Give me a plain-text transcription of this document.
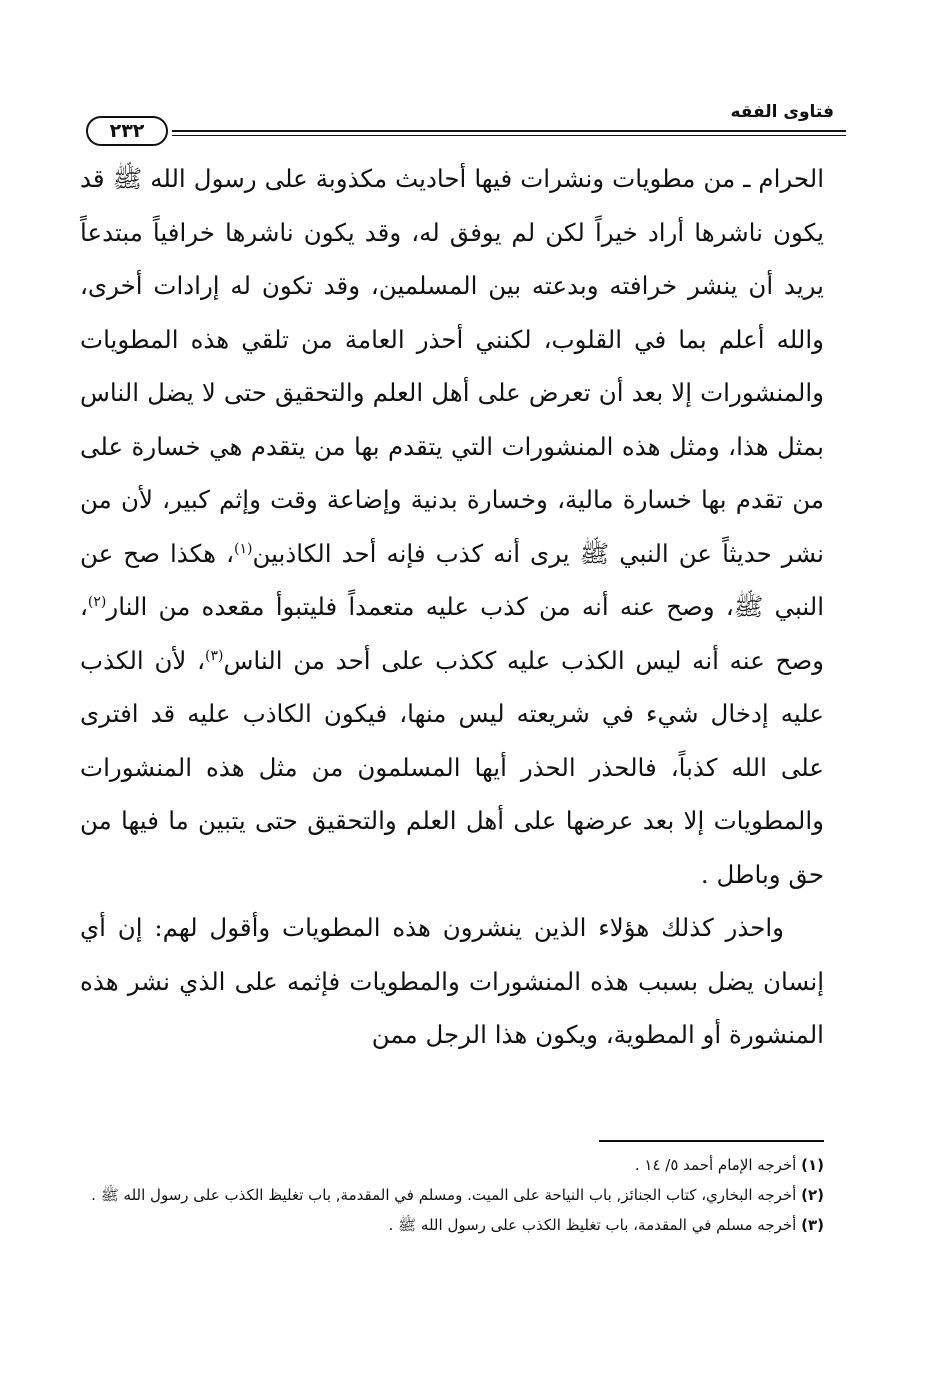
فتاوى الفقه
٢٣٢

الحرام ـ من مطويات ونشرات فيها أحاديث مكذوبة على رسول الله ﷺ قد يكون ناشرها أراد خيراً لكن لم يوفق له، وقد يكون ناشرها خرافياً مبتدعاً يريد أن ينشر خرافته وبدعته بين المسلمين، وقد تكون له إرادات أخرى، والله أعلم بما في القلوب، لكنني أحذر العامة من تلقي هذه المطويات والمنشورات إلا بعد أن تعرض على أهل العلم والتحقيق حتى لا يضل الناس بمثل هذا، ومثل هذه المنشورات التي يتقدم بها من يتقدم هي خسارة على من تقدم بها خسارة مالية، وخسارة بدنية وإضاعة وقت وإثم كبير، لأن من نشر حديثاً عن النبي ﷺ يرى أنه كذب فإنه أحد الكاذبين$^{(١)}$، هكذا صح عن النبي ﷺ، وصح عنه أنه من كذب عليه متعمداً فليتبوأ مقعده من النار$^{(٢)}$، وصح عنه أنه ليس الكذب عليه ككذب على أحد من الناس$^{(٣)}$، لأن الكذب عليه إدخال شيء في شريعته ليس منها، فيكون الكاذب عليه قد افترى على الله كذباً، فالحذر الحذر أيها المسلمون من مثل هذه المنشورات والمطويات إلا بعد عرضها على أهل العلم والتحقيق حتى يتبين ما فيها من حق وباطل .

واحذر كذلك هؤلاء الذين ينشرون هذه المطويات وأقول لهم: إن أي إنسان يضل بسبب هذه المنشورات والمطويات فإثمه على الذي نشر هذه المنشورة أو المطوية، ويكون هذا الرجل ممن

(١) أخرجه الإمام أحمد ٥/ ١٤ .

(٢) أخرجه البخاري، كتاب الجنائز, باب النياحة على الميت. ومسلم في المقدمة, باب تغليظ الكذب على رسول الله ﷺ .

(٣) أخرجه مسلم في المقدمة، باب تغليظ الكذب على رسول الله ﷺ .
